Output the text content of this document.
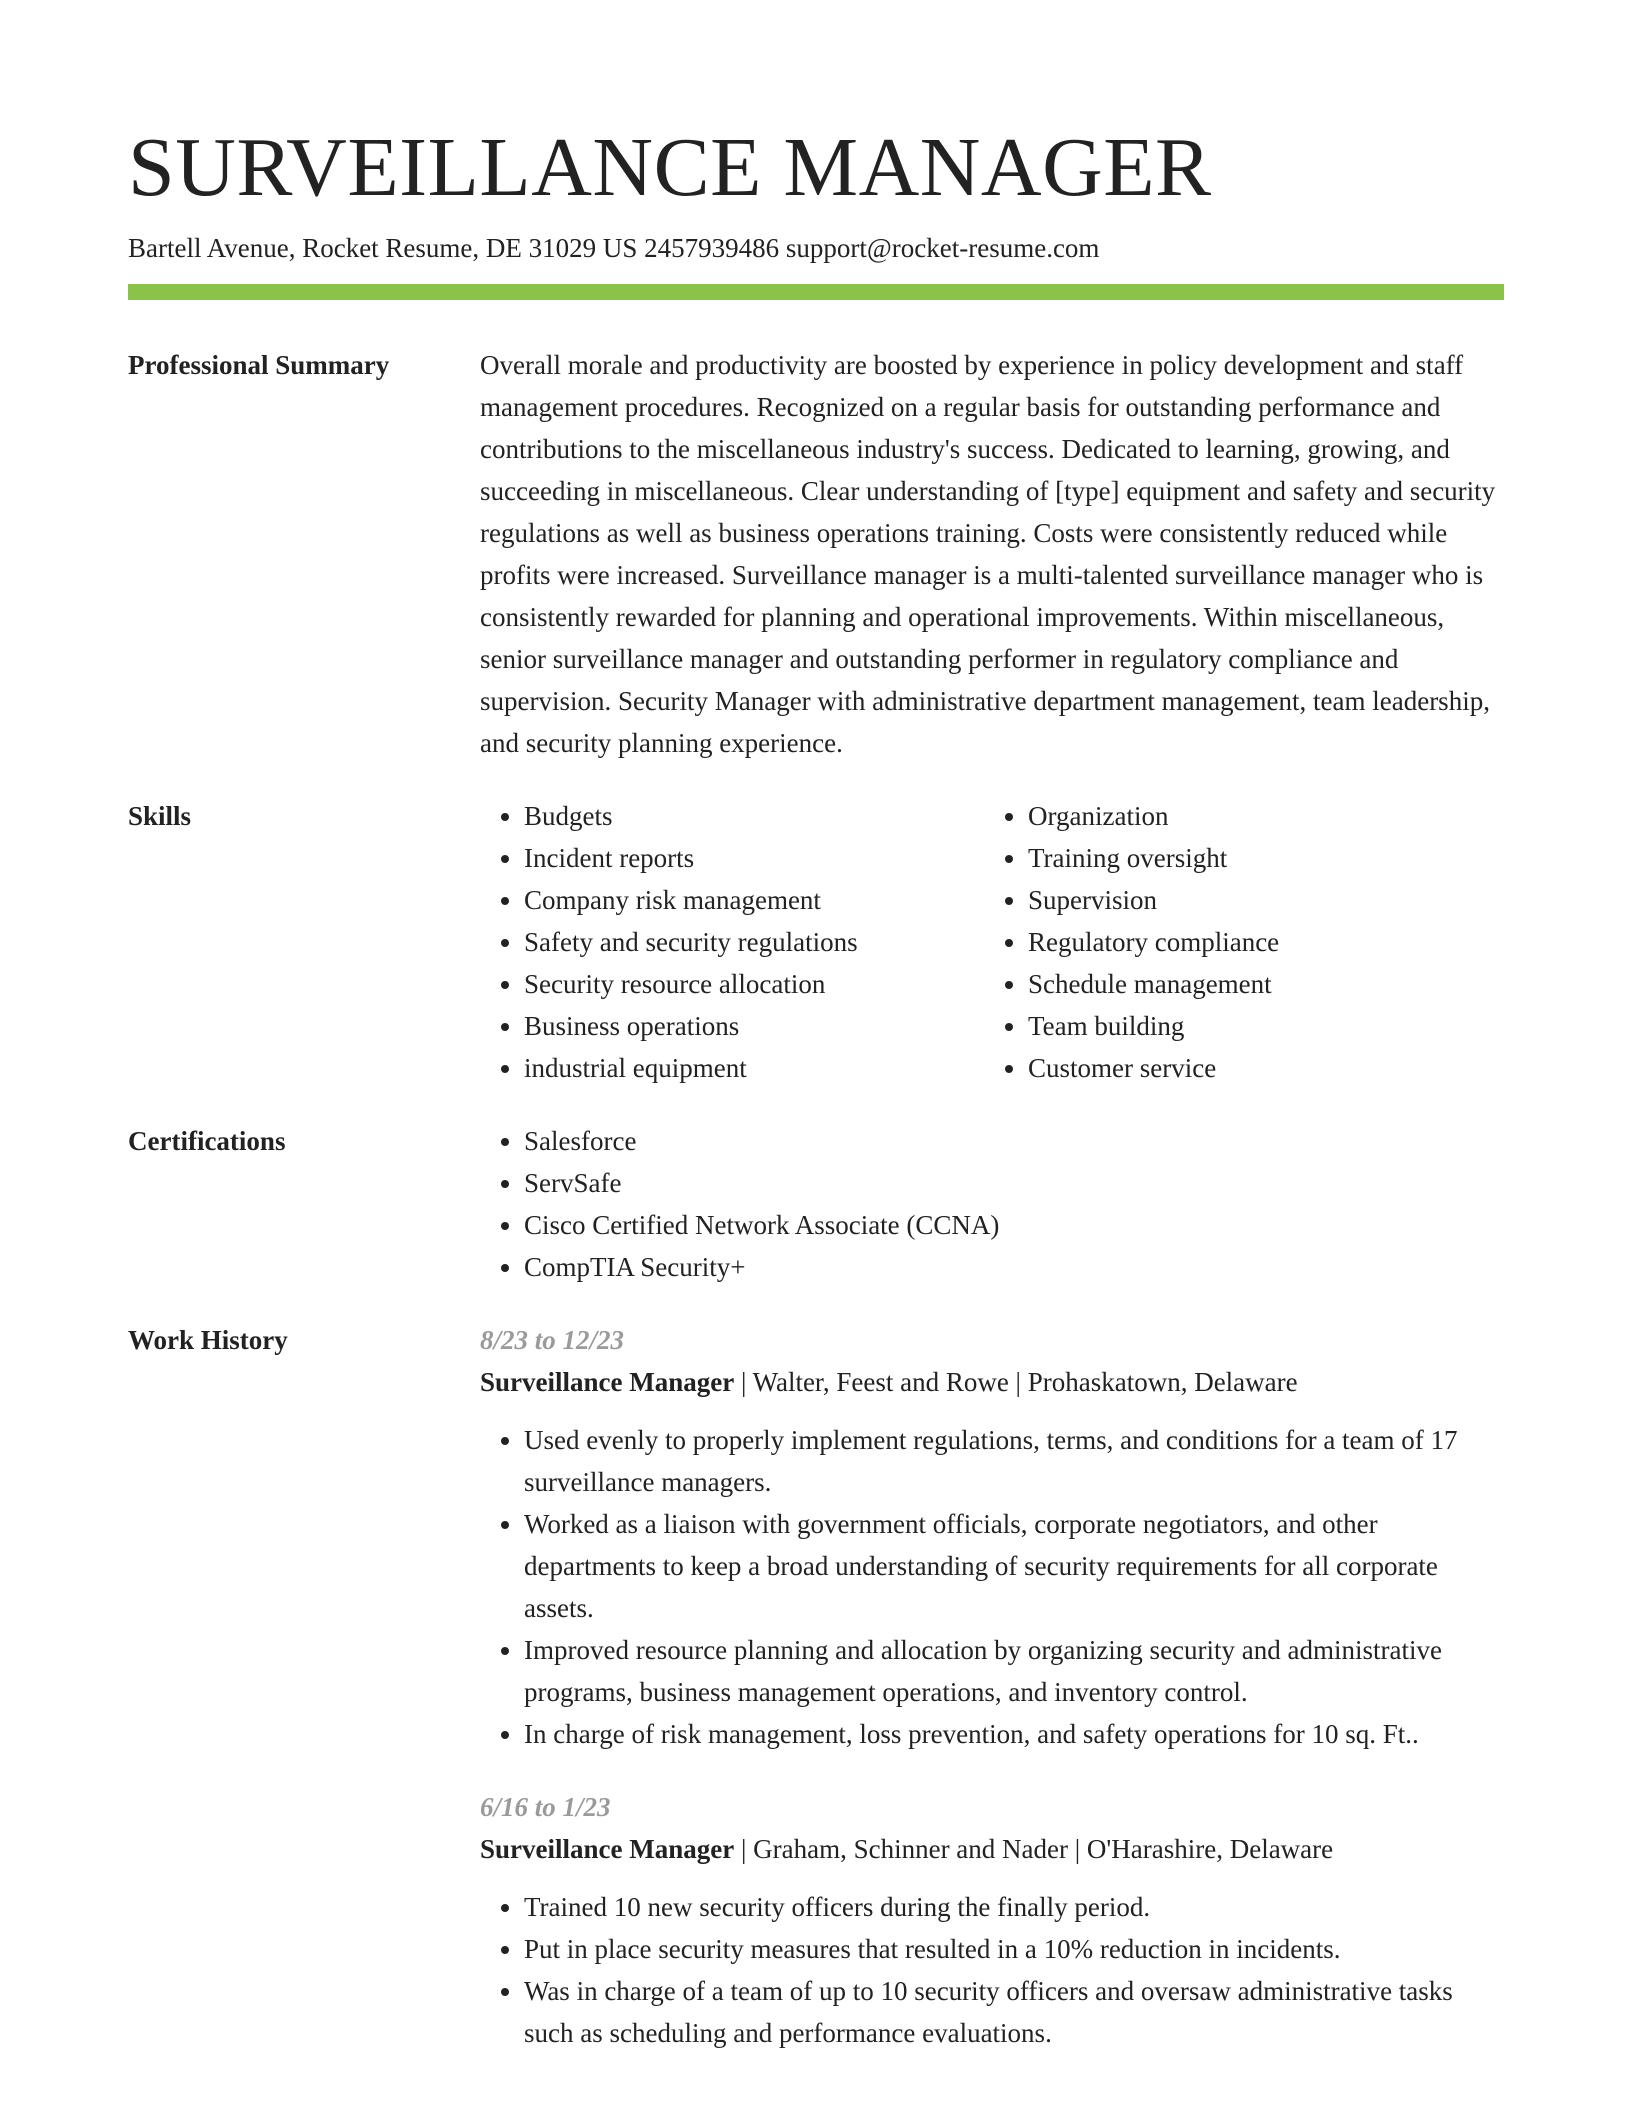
SURVEILLANCE MANAGER
Bartell Avenue, Rocket Resume, DE 31029 US 2457939486 support@rocket-resume.com
Professional Summary	Overall morale and productivity are boosted by experience in policy development and staff management procedures. Recognized on a regular basis for outstanding performance and contributions to the miscellaneous industry's success. Dedicated to learning, growing, and succeeding in miscellaneous. Clear understanding of [type] equipment and safety and security regulations as well as business operations training. Costs were consistently reduced while profits were increased. Surveillance manager is a multi-talented surveillance manager who is consistently rewarded for planning and operational improvements. Within miscellaneous, senior surveillance manager and outstanding performer in regulatory compliance and supervision. Security Manager with administrative department management, team leadership, and security planning experience.

Skills	• Budgets
• Incident reports
• Company risk management
• Safety and security regulations
• Security resource allocation
• Business operations
• industrial equipment
• Organization
• Training oversight
• Supervision
• Regulatory compliance
• Schedule management
• Team building
• Customer service
Certifications	• Salesforce
• ServSafe
• Cisco Certified Network Associate (CCNA)
• CompTIA Security+
Work History	8/23 to 12/23
Surveillance Manager | Walter, Feest and Rowe | Prohaskatown, Delaware
• Used evenly to properly implement regulations, terms, and conditions for a team of 17 surveillance managers.
• Worked as a liaison with government officials, corporate negotiators, and other departments to keep a broad understanding of security requirements for all corporate assets.
• Improved resource planning and allocation by organizing security and administrative programs, business management operations, and inventory control.
• In charge of risk management, loss prevention, and safety operations for 10 sq. Ft..
6/16 to 1/23
Surveillance Manager | Graham, Schinner and Nader | O'Harashire, Delaware
• Trained 10 new security officers during the finally period.
• Put in place security measures that resulted in a 10% reduction in incidents.
• Was in charge of a team of up to 10 security officers and oversaw administrative tasks such as scheduling and performance evaluations.
